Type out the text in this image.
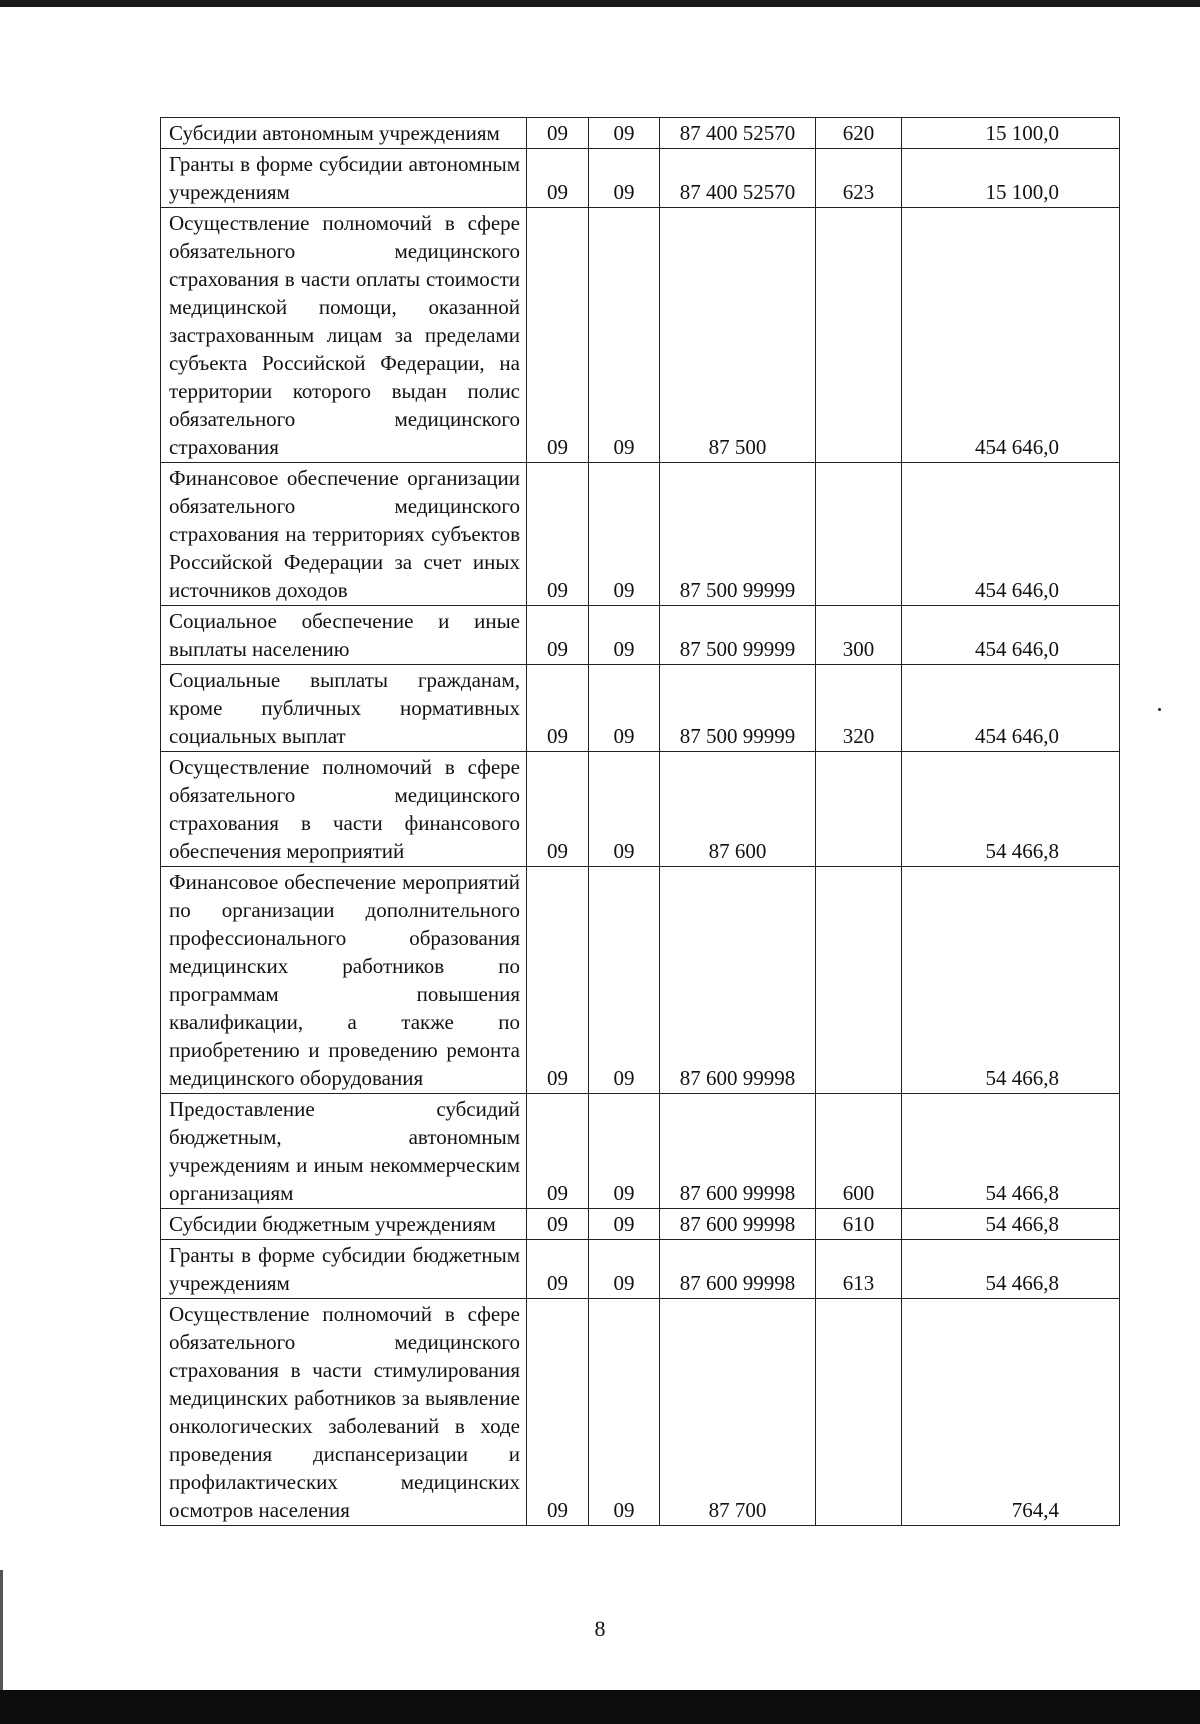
Субсидии автономным учреждениям	09	09	87 400 52570	620	15 100,0

Гранты в форме субсидии автономным учреждениям	09	09	87 400 52570	623	15 100,0

Осуществление полномочий в сфере обязательного медицинского страхования в части оплаты стоимости медицинской помощи, оказанной застрахованным лицам за пределами субъекта Российской Федерации, на территории которого выдан полис обязательного медицинского страхования	09	09	87 500		454 646,0

Финансовое обеспечение организации обязательного медицинского страхования на территориях субъектов Российской Федерации за счет иных источников доходов	09	09	87 500 99999		454 646,0

Социальное обеспечение и иные выплаты населению	09	09	87 500 99999	300	454 646,0

Социальные выплаты гражданам, кроме публичных нормативных социальных выплат	09	09	87 500 99999	320	454 646,0

Осуществление полномочий в сфере обязательного медицинского страхования в части финансового обеспечения мероприятий	09	09	87 600		54 466,8

Финансовое обеспечение мероприятий по организации дополнительного профессионального образования медицинских работников по программам повышения квалификации, а также по приобретению и проведению ремонта медицинского оборудования	09	09	87 600 99998		54 466,8

Предоставление субсидий бюджетным, автономным учреждениям и иным некоммерческим организациям	09	09	87 600 99998	600	54 466,8

Субсидии бюджетным учреждениям	09	09	87 600 99998	610	54 466,8

Гранты в форме субсидии бюджетным учреждениям	09	09	87 600 99998	613	54 466,8

Осуществление полномочий в сфере обязательного медицинского страхования в части стимулирования медицинских работников за выявление онкологических заболеваний в ходе проведения диспансеризации и профилактических медицинских осмотров населения	09	09	87 700		764,4
8
